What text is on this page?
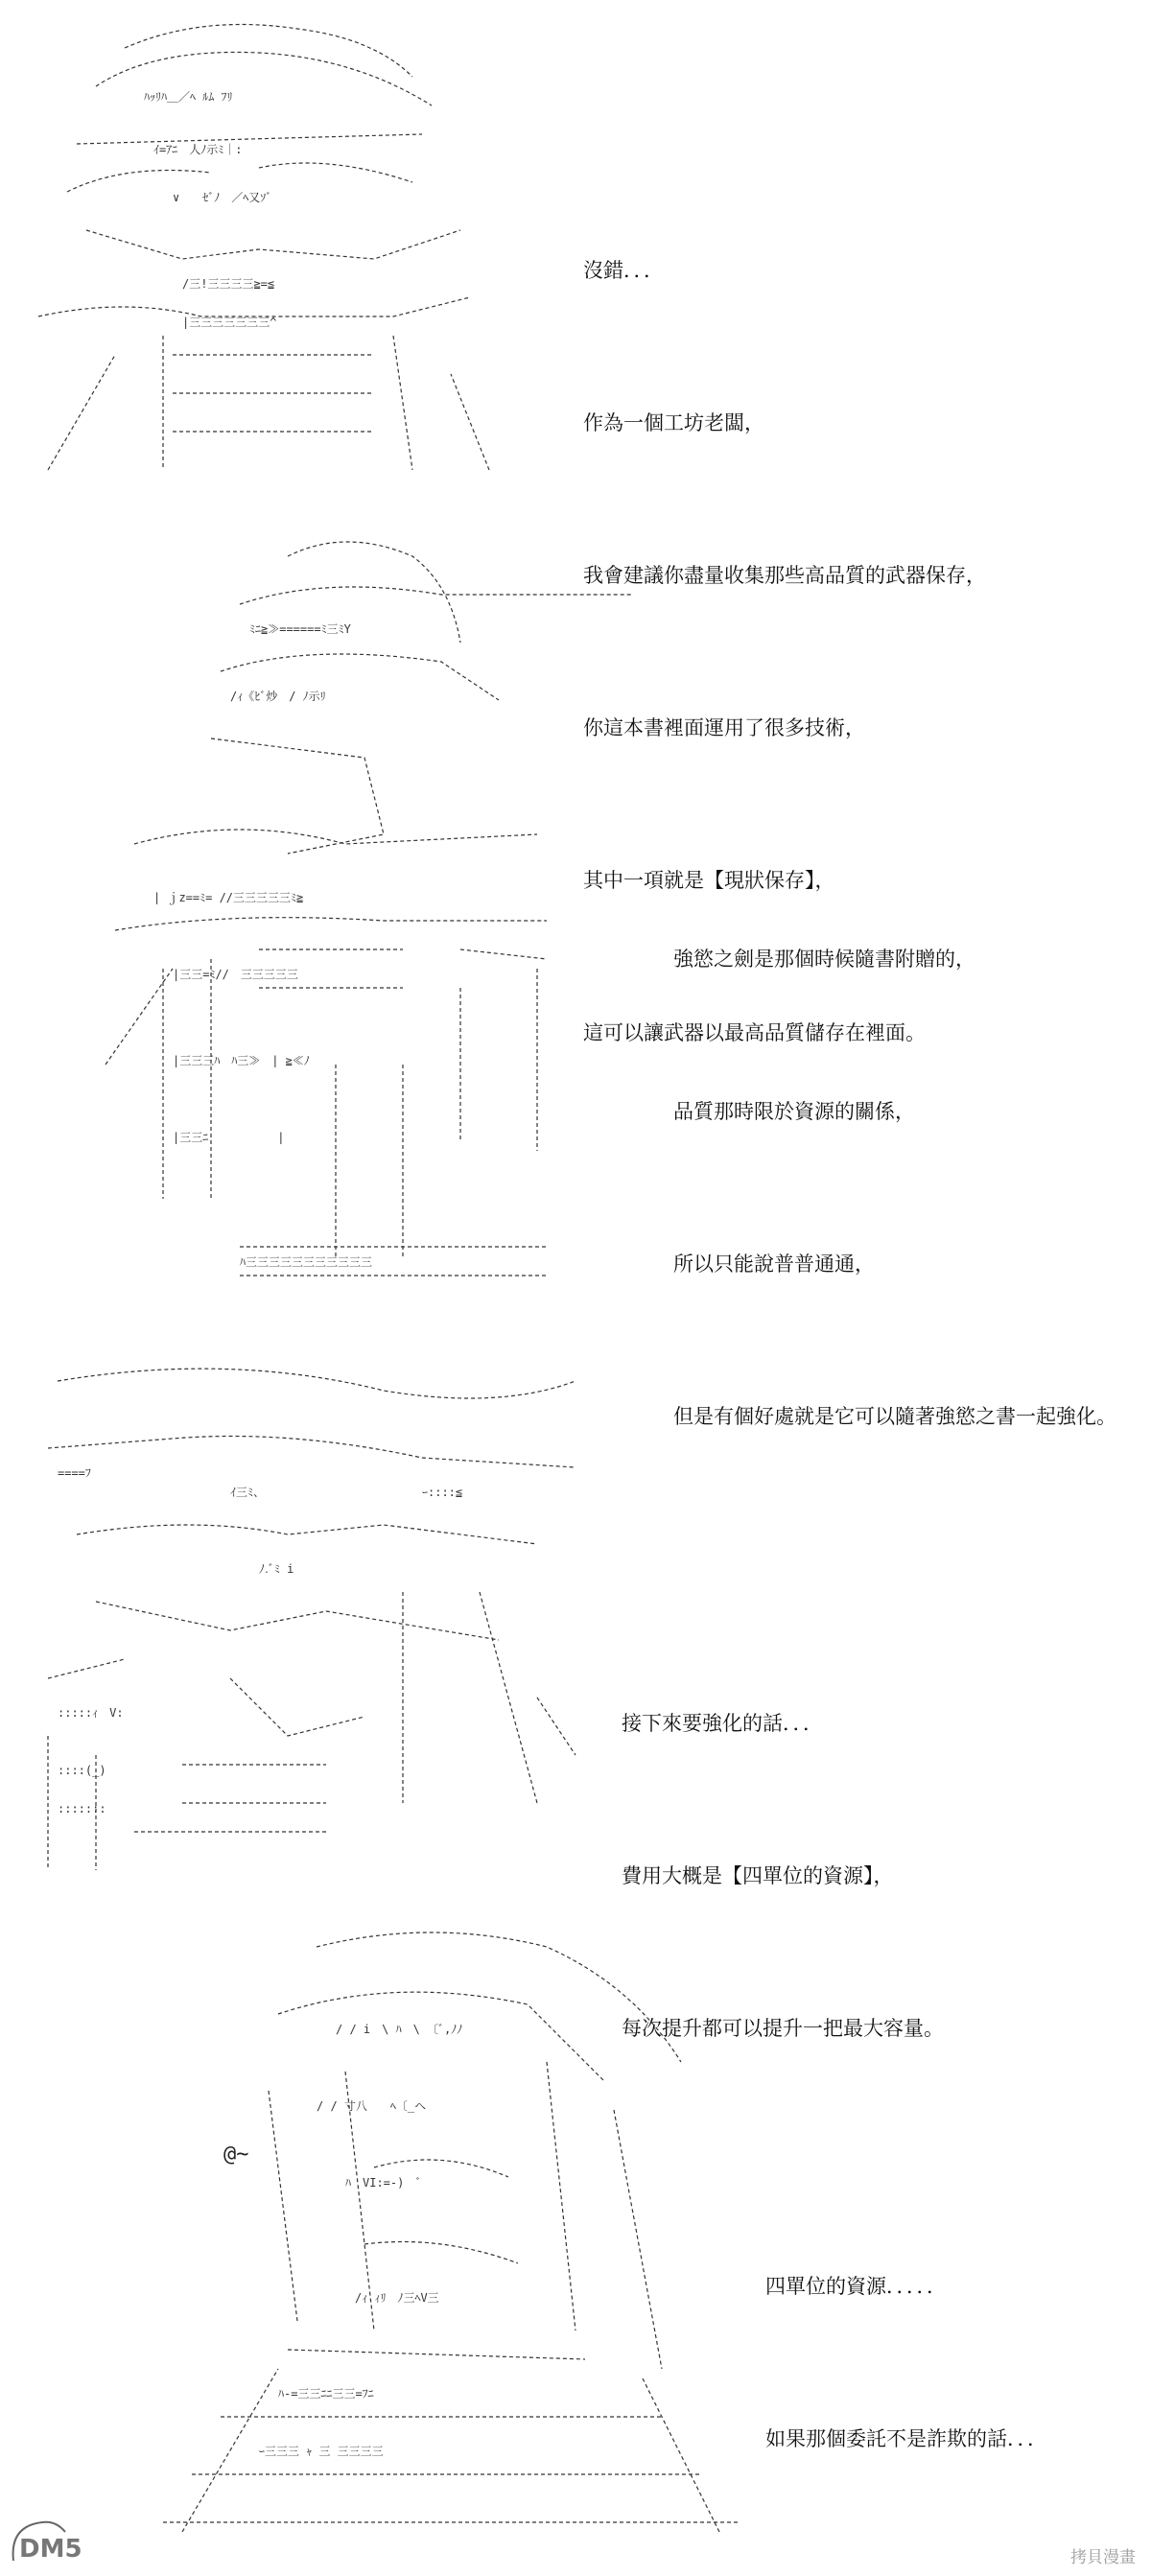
ﾊｯﾘﾊ＿／ﾍ ﾙﾑ ﾌﾘ
ｲ=ｱﾆ　人ﾉ示ﾐ｜:
∨　　ｾﾞﾉ　／ﾍ又ｿﾞ
/三!三三三三≧=≦
|三三三三三三三^

沒錯．．．

作為一個工坊老闆，

我會建議你盡量收集那些高品質的武器保存，

你這本書裡面運用了很多技術，

其中一項就是【現狀保存】，

這可以讓武器以最高品質儲存在裡面。

ﾐﾆ≧≫======ﾐ三ﾐY
/ｨ《ﾋﾞ炒　/ ﾉ示ﾘ
| ｊz==ﾐ= //三三三三三ﾐ≧
|三三=ﾐ//　三三三三三
|三三三ﾊ　ﾊ三≫　| ≧≪ﾉ
|三三ﾆ　　　　　　|
ﾊ三三三三三三三三三三三

強慾之劍是那個時候隨書附贈的，

品質那時限於資源的關係，

所以只能說普普通通，

但是有個好處就是它可以隨著強慾之書一起強化。

====ﾌ
ｲ三ﾐ、	ｰ::::≦
ﾉ.ﾞﾐ i
:::::ｨ　V:
::::(_)
:::::::

接下來要強化的話．．．

費用大概是【四單位的資源】，

每次提升都可以提升一把最大容量。

/ / i　\ ﾊ　\ 〔ﾞ,ﾉﾉ
/ / 寸八　　ﾍ〔_ヘ
ﾊ　VI:=-)　ﾞ
/ｨ ｨﾘ　ﾉ三ﾍV三
ﾊ-=三三ﾆﾆ三三=ﾌﾆ
ｰ三三三 ｬ 三 三三三三
@~

四單位的資源．．．．．

如果那個委託不是詐欺的話．．．

DM5	拷貝漫畫
